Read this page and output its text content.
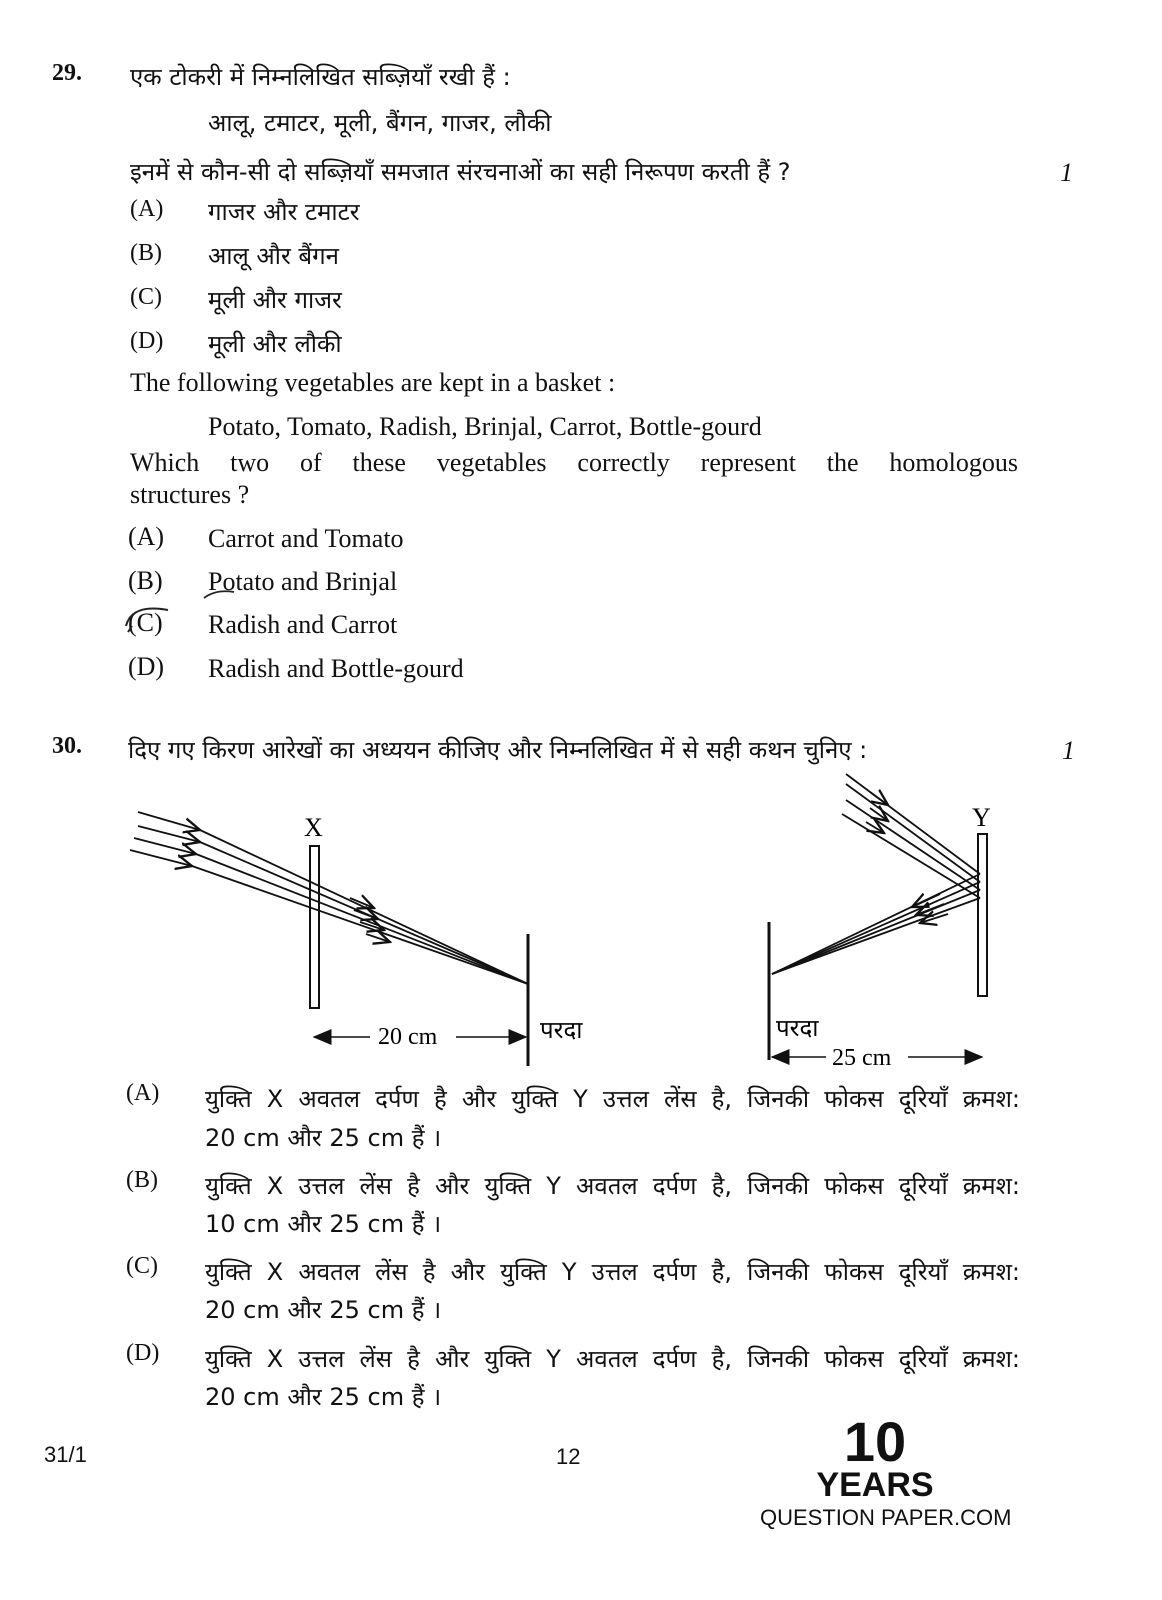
29. एक टोकरी में निम्नलिखित सब्ज़ियाँ रखी हैं :
आलू, टमाटर, मूली, बैंगन, गाजर, लौकी
इनमें से कौन-सी दो सब्ज़ियाँ समजात संरचनाओं का सही निरूपण करती हैं ?	1
(A) गाजर और टमाटर
(B) आलू और बैंगन
(C) मूली और गाजर
(D) मूली और लौकी
The following vegetables are kept in a basket :
Potato, Tomato, Radish, Brinjal, Carrot, Bottle-gourd
Which two of these vegetables correctly represent the homologous
structures ?
(A) Carrot and Tomato
(B) Potato and Brinjal
(C) Radish and Carrot
(D) Radish and Bottle-gourd
30. दिए गए किरण आरेखों का अध्ययन कीजिए और निम्नलिखित में से सही कथन चुनिए :	1
X
परदा
20 cm
Y
परदा
25 cm
(A) युक्ति X अवतल दर्पण है और युक्ति Y उत्तल लेंस है, जिनकी फोकस दूरियाँ क्रमश:
20 cm और 25 cm हैं ।
(B) युक्ति X उत्तल लेंस है और युक्ति Y अवतल दर्पण है, जिनकी फोकस दूरियाँ क्रमश:
10 cm और 25 cm हैं ।
(C) युक्ति X अवतल लेंस है और युक्ति Y उत्तल दर्पण है, जिनकी फोकस दूरियाँ क्रमश:
20 cm और 25 cm हैं ।
(D) युक्ति X उत्तल लेंस है और युक्ति Y अवतल दर्पण है, जिनकी फोकस दूरियाँ क्रमश:
20 cm और 25 cm हैं ।
31/1	12	10
YEARS
QUESTION PAPER.COM
